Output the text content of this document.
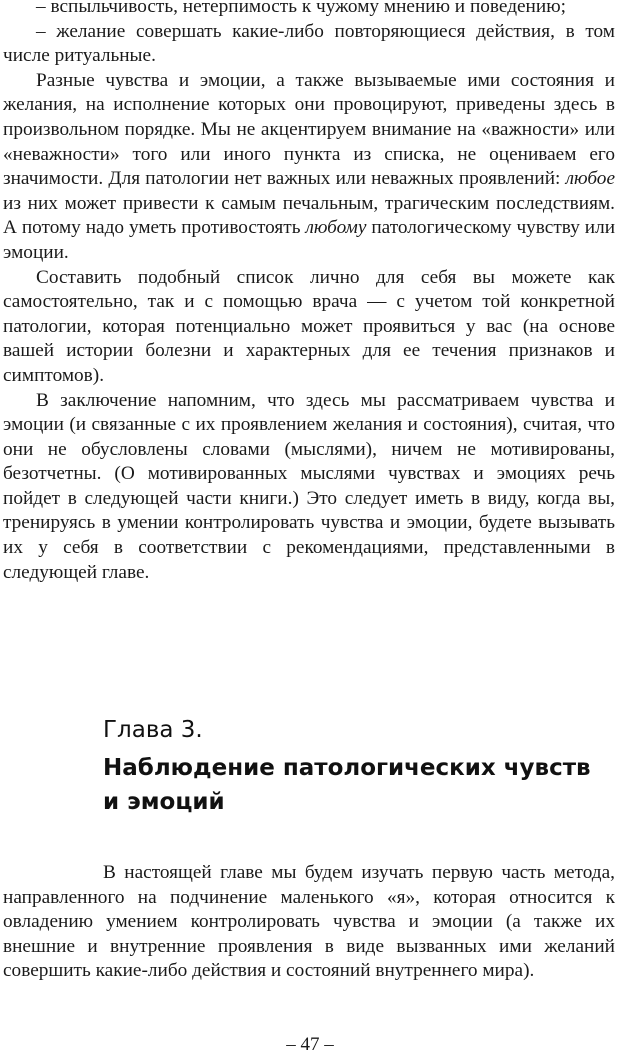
– вспыльчивость, нетерпимость к чужому мнению и поведению;

– желание совершать какие-либо повторяющиеся действия, в том числе ритуальные.

Разные чувства и эмоции, а также вызываемые ими состояния и желания, на исполнение которых они провоцируют, приведены здесь в произвольном порядке. Мы не акцентируем внимание на «важности» или «неважности» того или иного пункта из списка, не оцениваем его значимости. Для патологии нет важных или неважных проявлений: любое из них может привести к самым печальным, трагическим последствиям. А потому надо уметь противостоять любому патологическому чувству или эмоции.

Составить подобный список лично для себя вы можете как самостоятельно, так и с помощью врача — с учетом той конкретной патологии, которая потенциально может проявиться у вас (на основе вашей истории болезни и характерных для ее течения признаков и симптомов).

В заключение напомним, что здесь мы рассматриваем чувства и эмоции (и связанные с их проявлением желания и состояния), считая, что они не обусловлены словами (мыслями), ничем не мотивированы, безотчетны. (О мотивированных мыслями чувствах и эмоциях речь пойдет в следующей части книги.) Это следует иметь в виду, когда вы, тренируясь в умении контролировать чувства и эмоции, будете вызывать их у себя в соответствии с рекомендациями, представленными в следующей главе.

Глава 3.
Наблюдение патологических чувств и эмоций

В настоящей главе мы будем изучать первую часть метода, направленного на подчинение маленького «я», которая относится к овладению умением контролировать чувства и эмоции (а также их внешние и внутренние проявления в виде вызванных ими желаний совершить какие-либо действия и состояний внутреннего мира).

– 47 –
